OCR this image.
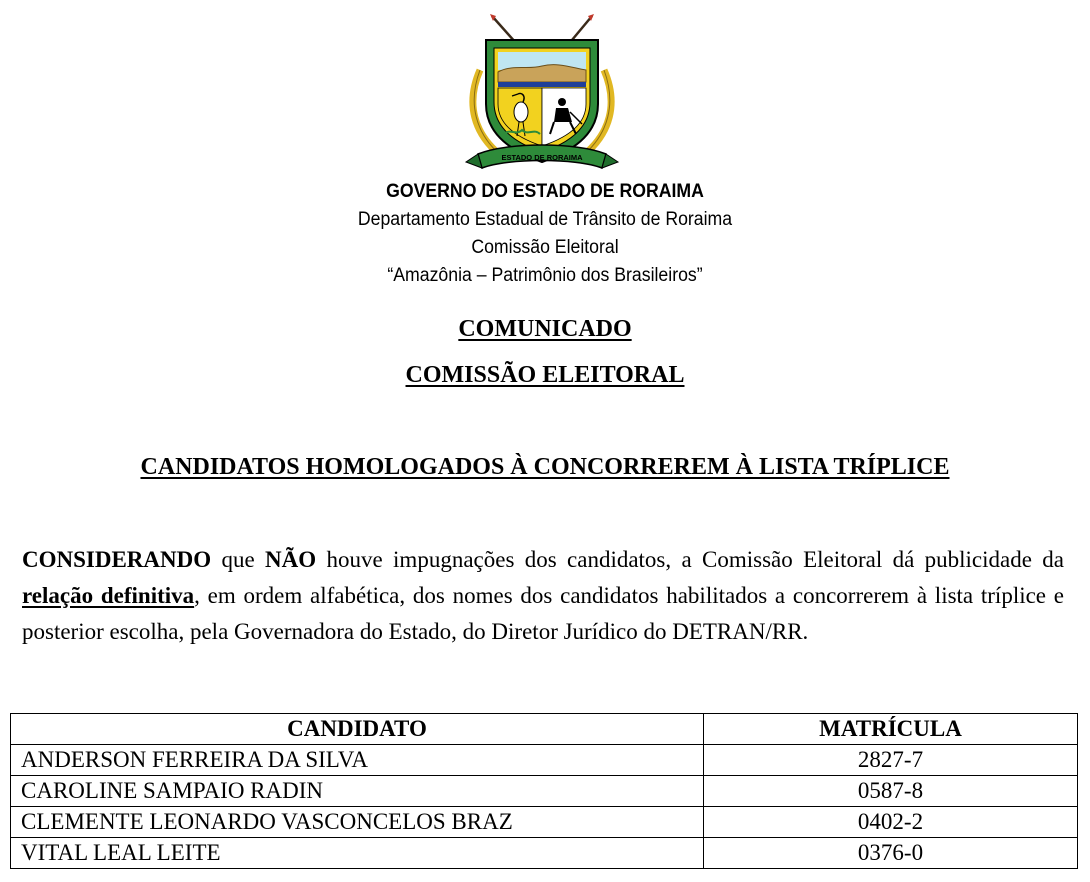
ESTADO DE RORAIMA
GOVERNO DO ESTADO DE RORAIMA
Departamento Estadual de Trânsito de Roraima
Comissão Eleitoral
“Amazônia – Patrimônio dos Brasileiros”
COMUNICADO
COMISSÃO ELEITORAL
CANDIDATOS HOMOLOGADOS À CONCORREREM À LISTA TRÍPLICE
CONSIDERANDO que NÃO houve impugnações dos candidatos, a Comissão Eleitoral dá publicidade da relação definitiva, em ordem alfabética, dos nomes dos candidatos habilitados a concorrerem à lista tríplice e posterior escolha, pela Governadora do Estado, do Diretor Jurídico do DETRAN/RR.
CANDIDATO	MATRÍCULA
ANDERSON FERREIRA DA SILVA	2827-7
CAROLINE SAMPAIO RADIN	0587-8
CLEMENTE LEONARDO VASCONCELOS BRAZ	0402-2
VITAL LEAL LEITE	0376-0
